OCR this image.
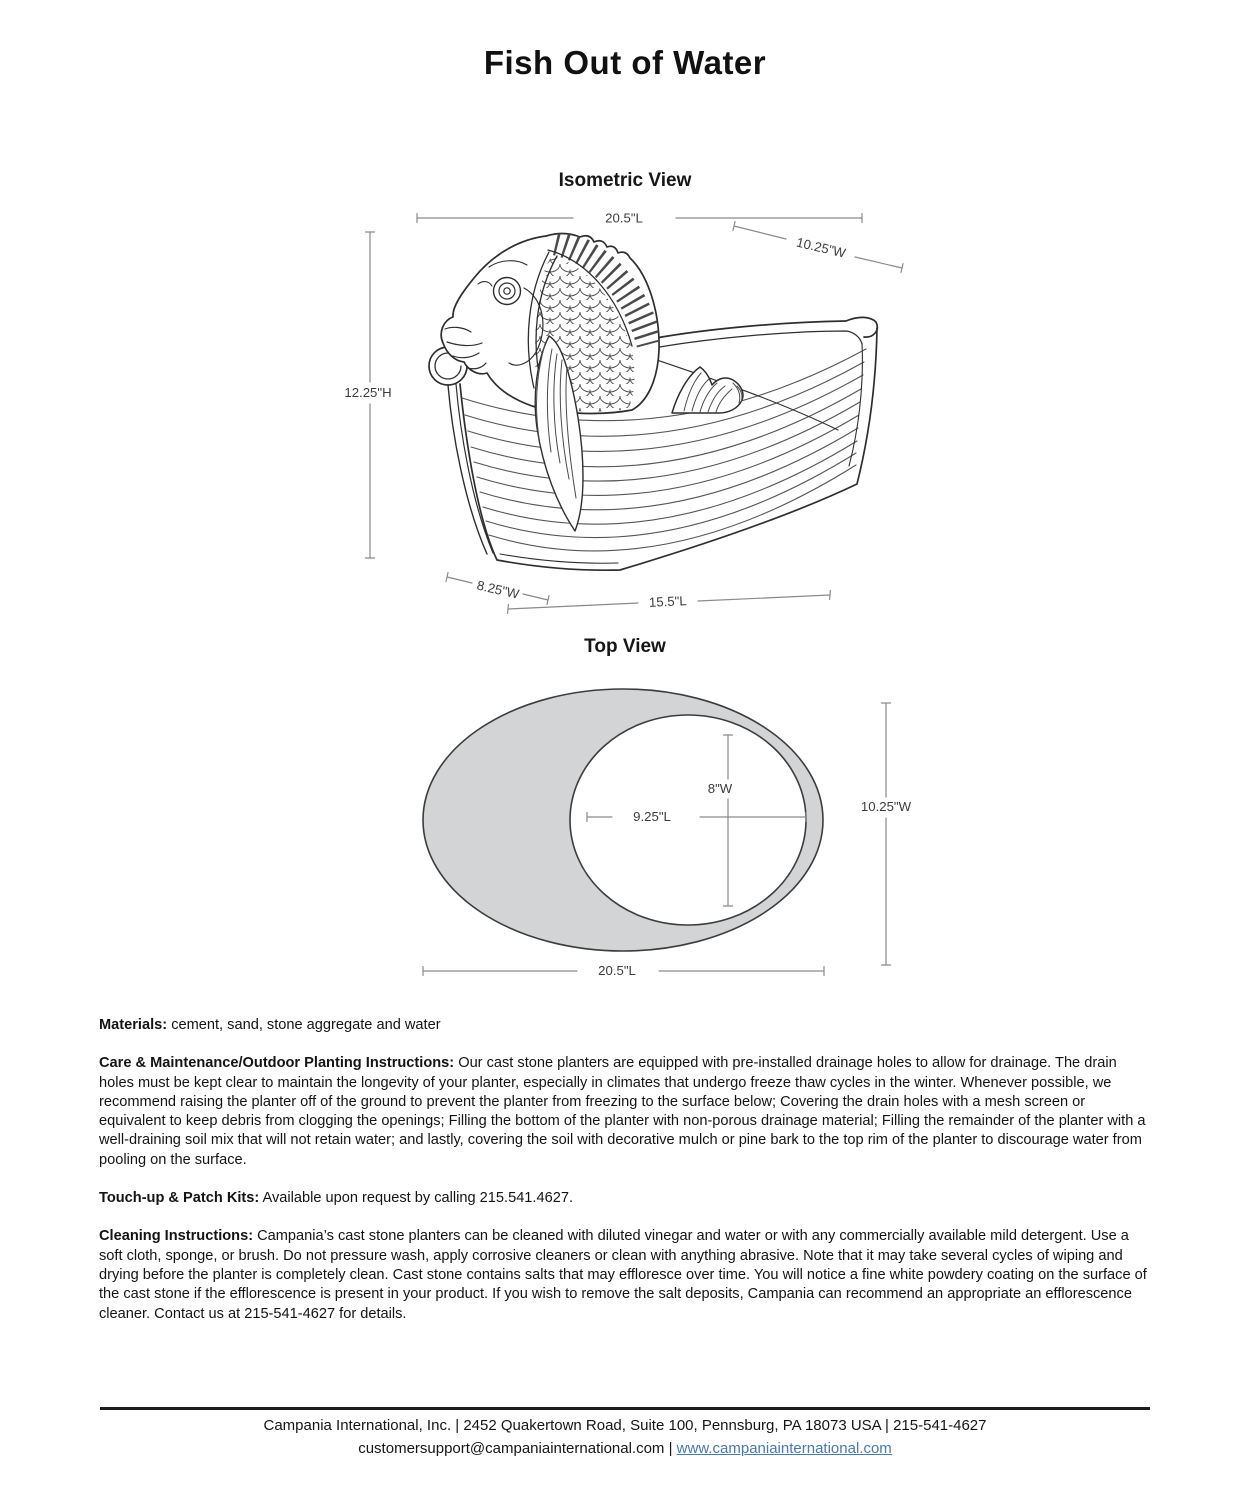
Fish Out of Water
Isometric View
Top View
20.5"L
10.25"W
12.25"H
8.25"W	15.5"L
8"W
9.25"L
10.25"W
20.5"L

Materials: cement, sand, stone aggregate and water

Care & Maintenance/Outdoor Planting Instructions: Our cast stone planters are equipped with pre-installed drainage holes to allow for drainage. The drain holes must be kept clear to maintain the longevity of your planter, especially in climates that undergo freeze thaw cycles in the winter. Whenever possible, we recommend raising the planter off of the ground to prevent the planter from freezing to the surface below; Covering the drain holes with a mesh screen or equivalent to keep debris from clogging the openings; Filling the bottom of the planter with non-porous drainage material; Filling the remainder of the planter with a well-draining soil mix that will not retain water; and lastly, covering the soil with decorative mulch or pine bark to the top rim of the planter to discourage water from pooling on the surface.

Touch-up & Patch Kits: Available upon request by calling 215.541.4627.

Cleaning Instructions: Campania’s cast stone planters can be cleaned with diluted vinegar and water or with any commercially available mild detergent. Use a soft cloth, sponge, or brush. Do not pressure wash, apply corrosive cleaners or clean with anything abrasive. Note that it may take several cycles of wiping and drying before the planter is completely clean. Cast stone contains salts that may effloresce over time. You will notice a fine white powdery coating on the surface of the cast stone if the efflorescence is present in your product. If you wish to remove the salt deposits, Campania can recommend an appropriate an efflorescence cleaner. Contact us at 215-541-4627 for details.

Campania International, Inc. | 2452 Quakertown Road, Suite 100, Pennsburg, PA 18073 USA | 215-541-4627
customersupport@campaniainternational.com | www.campaniainternational.com
